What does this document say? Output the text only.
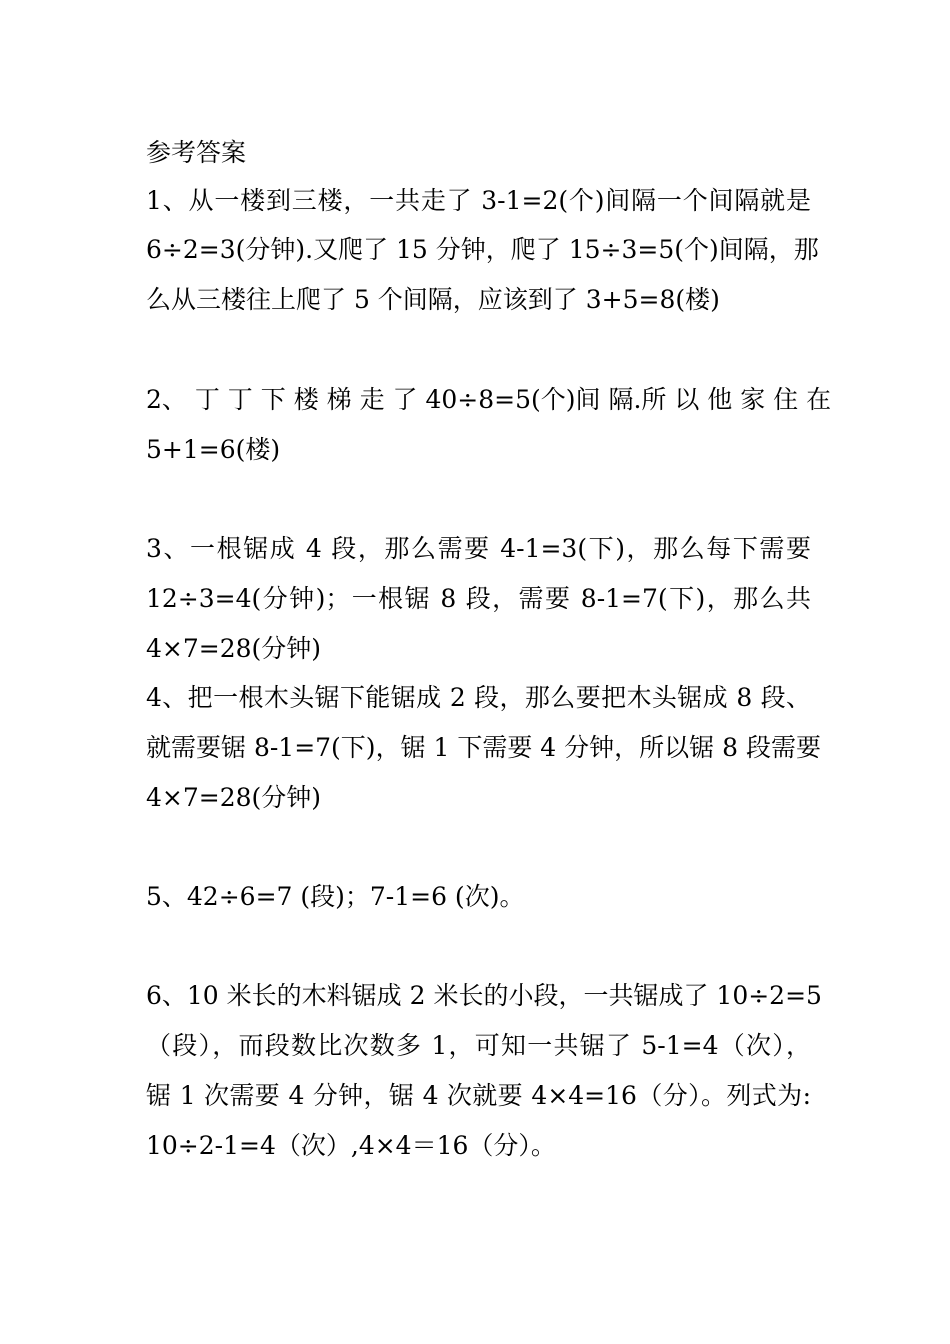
参考答案
1、从一楼到三楼，一共走了 3-1=2(个)间隔一个间隔就是
6÷2=3(分钟).又爬了 15 分钟，爬了 15÷3=5(个)间隔，那
么从三楼往上爬了 5 个间隔，应该到了 3+5=8(楼)
2、 丁 丁 下 楼 梯 走 了 40÷8=5(个)间 隔.所 以 他 家 住 在
5+1=6(楼)
3、一根锯成 4 段，那么需要 4-1=3(下)，那么每下需要
12÷3=4(分钟)；一根锯 8 段，需要 8-1=7(下)，那么共
4×7=28(分钟)
4、把一根木头锯下能锯成 2 段，那么要把木头锯成 8 段、
就需要锯 8-1=7(下)，锯 1 下需要 4 分钟，所以锯 8 段需要
4×7=28(分钟)
5、42÷6=7 (段)；7-1=6 (次)。
6、10 米长的木料锯成 2 米长的小段，一共锯成了 10÷2=5
（段），而段数比次数多 1，可知一共锯了 5-1=4（次），
锯 1 次需要 4 分钟，锯 4 次就要 4×4=16（分）。列式为:
10÷2-1=4（次）,4×4＝16（分）。
